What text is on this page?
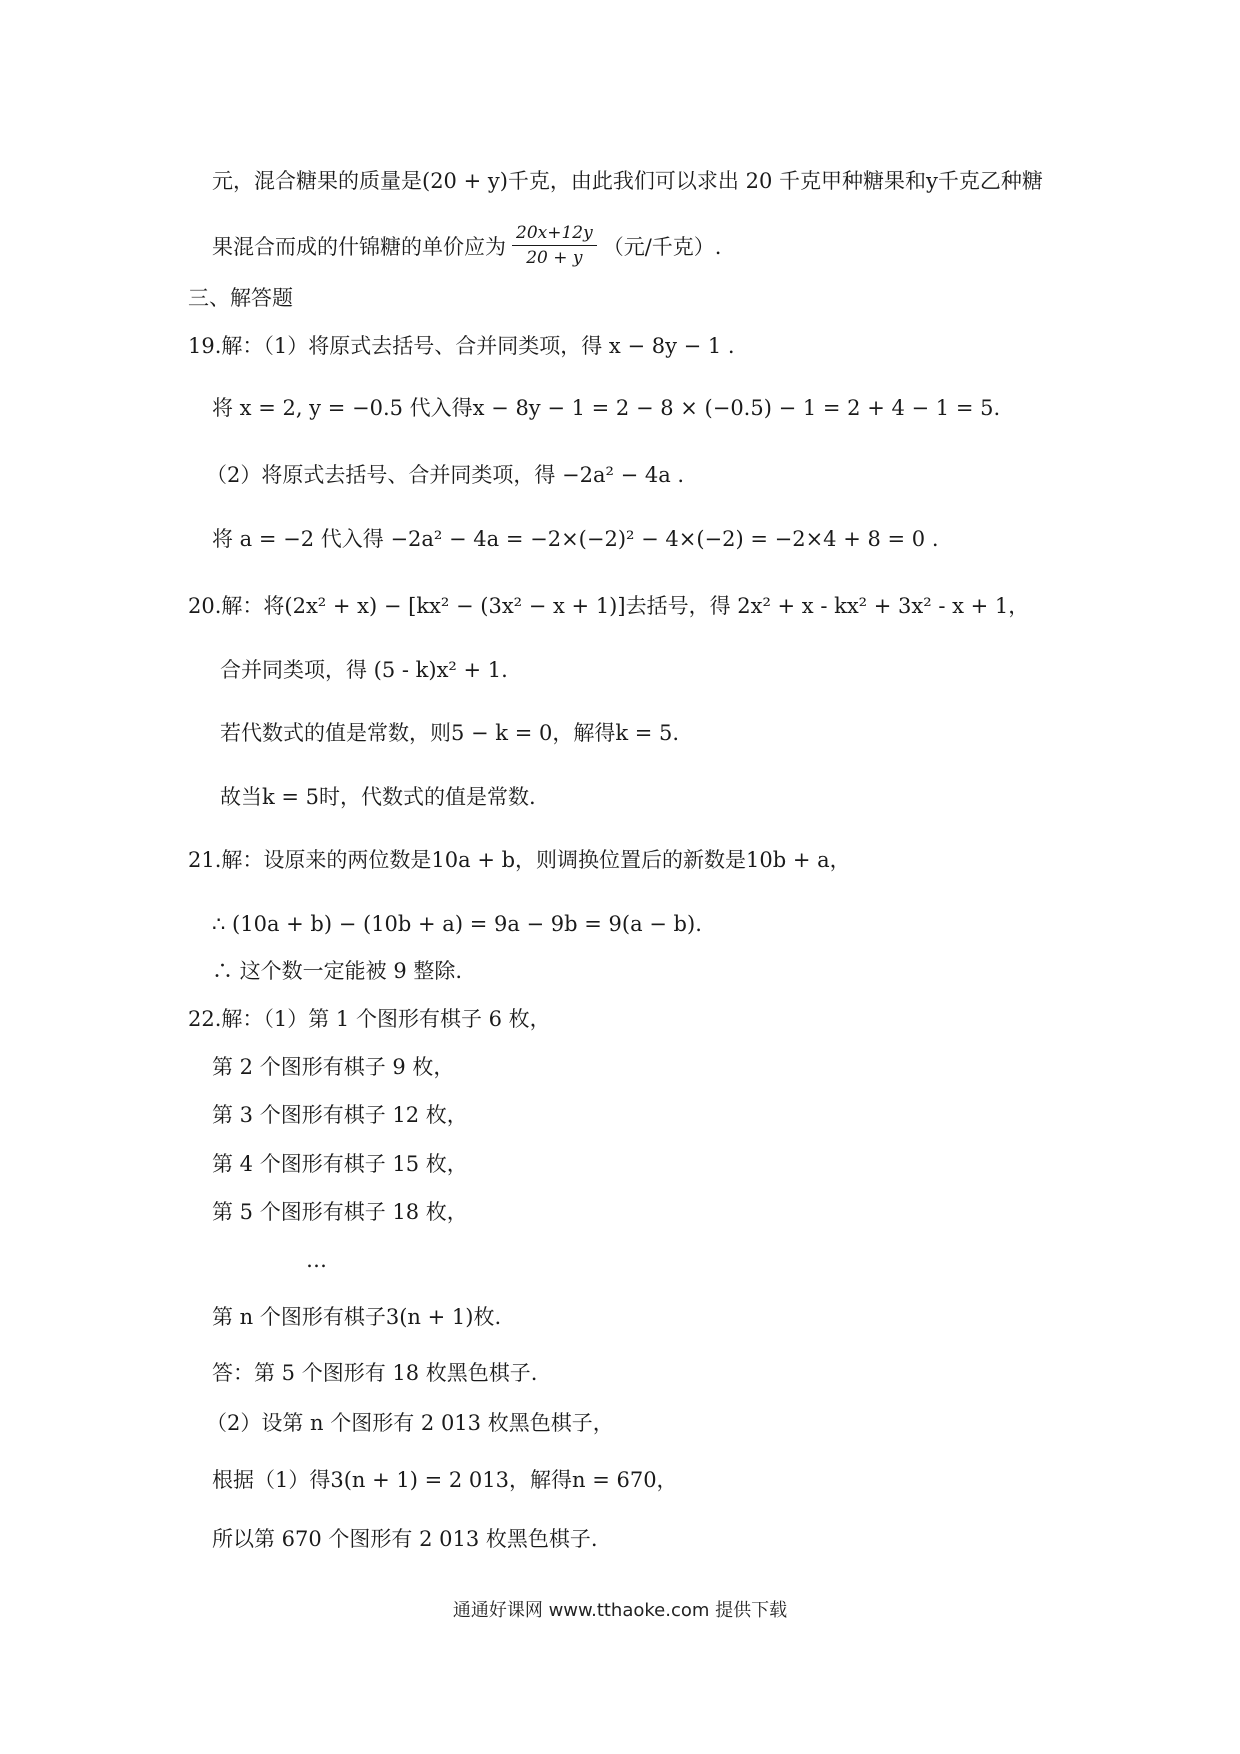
元，混合糖果的质量是(20 + y)千克，由此我们可以求出 20 千克甲种糖果和y千克乙种糖
果混合而成的什锦糖的单价应为 $\frac{20x+12y}{20 + y}$ （元/千克）.
三、解答题
19.解：（1）将原式去括号、合并同类项，得 x − 8y − 1 .
将 x = 2, y = −0.5 代入得x − 8y − 1 = 2 − 8 × (−0.5) − 1 = 2 + 4 − 1 = 5.
（2）将原式去括号、合并同类项，得 −2a² − 4a .
将 a = −2 代入得 −2a² − 4a = −2×(−2)² − 4×(−2) = −2×4 + 8 = 0 .
20.解：将(2x² + x) − [kx² − (3x² − x + 1)]去括号，得 2x² + x - kx² + 3x² - x + 1，
合并同类项，得 (5 - k)x² + 1.
若代数式的值是常数，则5 − k = 0，解得k = 5.
故当k = 5时，代数式的值是常数.
21.解：设原来的两位数是10a + b，则调换位置后的新数是10b + a，
∴ (10a + b) − (10b + a) = 9a − 9b = 9(a − b).
∴ 这个数一定能被 9 整除.
22.解：（1）第 1 个图形有棋子 6 枚，
第 2 个图形有棋子 9 枚，
第 3 个图形有棋子 12 枚，
第 4 个图形有棋子 15 枚，
第 5 个图形有棋子 18 枚，
…
第 n 个图形有棋子3(n + 1)枚.
答：第 5 个图形有 18 枚黑色棋子.
（2）设第 n 个图形有 2 013 枚黑色棋子，
根据（1）得3(n + 1) = 2 013，解得n = 670，
所以第 670 个图形有 2 013 枚黑色棋子.
通通好课网 www.tthaoke.com 提供下载
